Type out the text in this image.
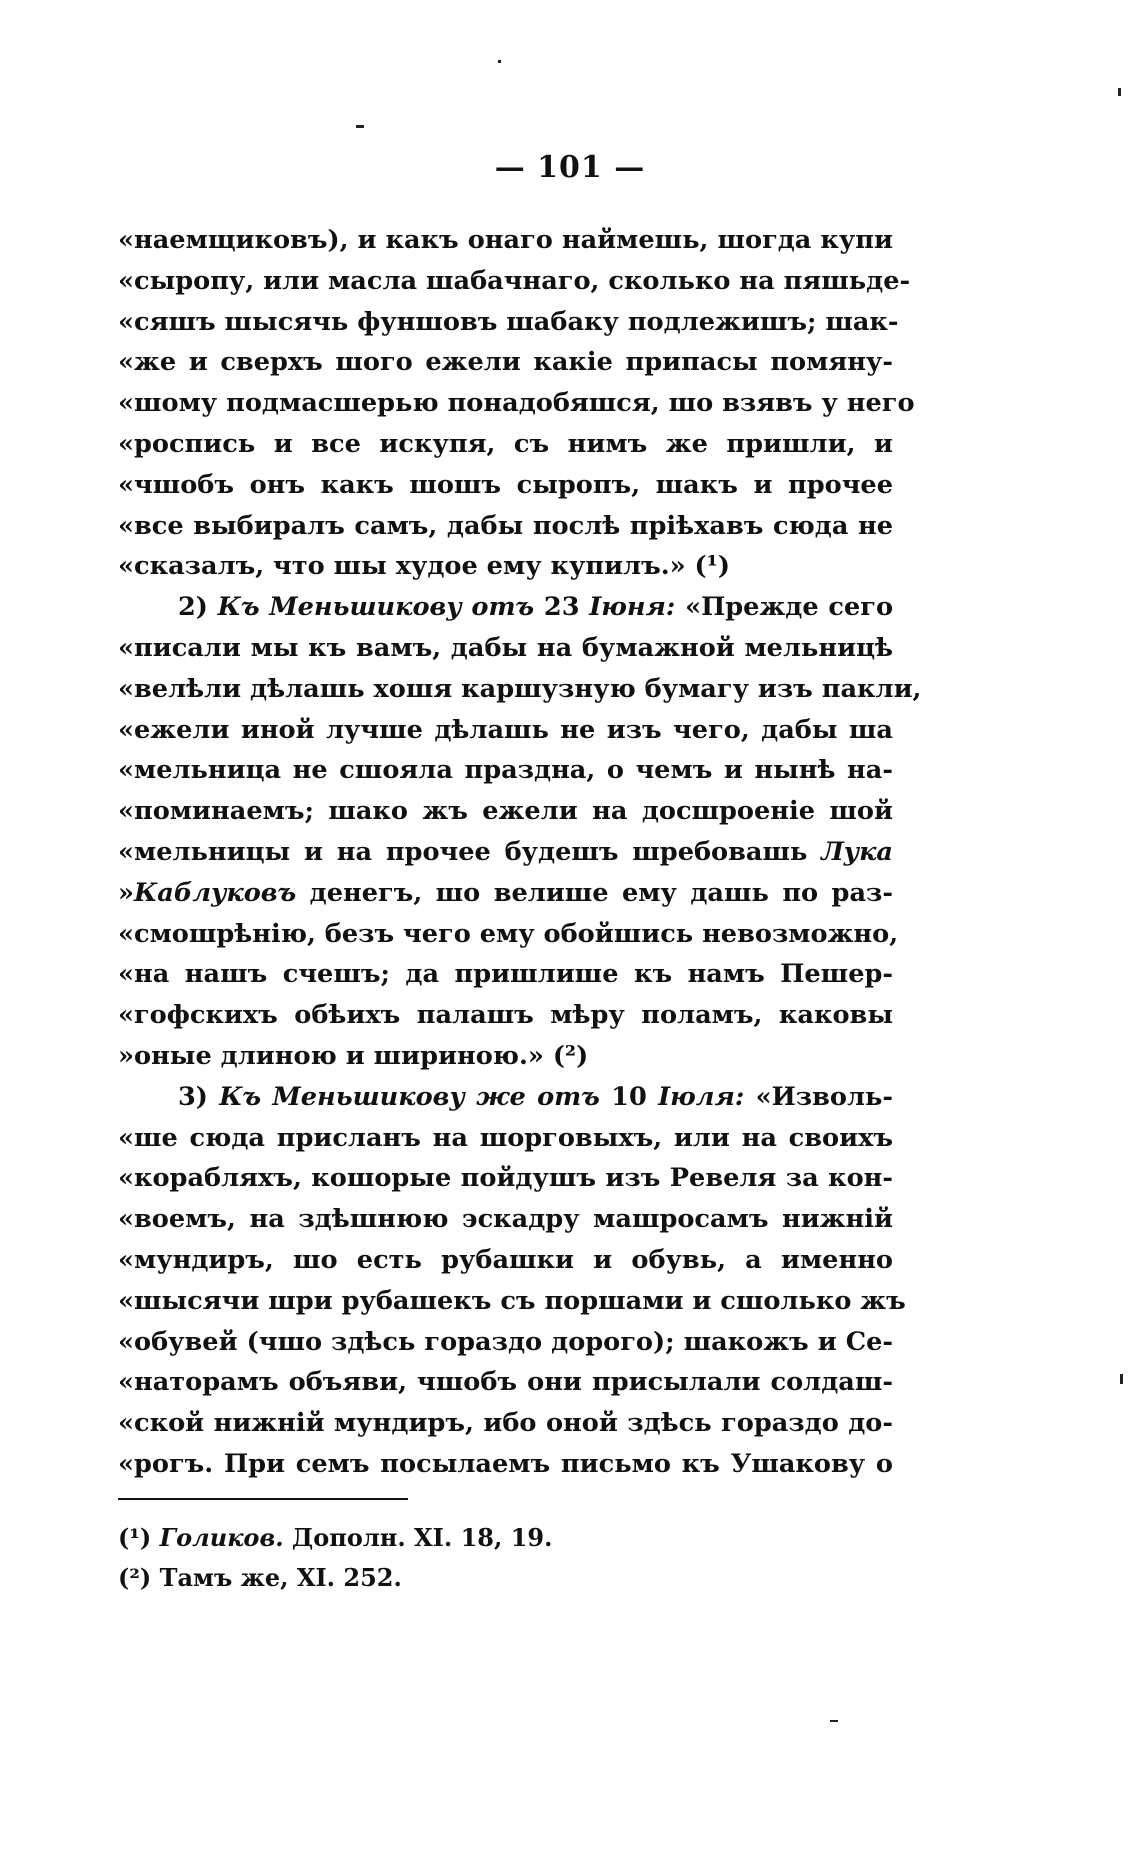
— 101 —
«наемщиковъ), и какъ онаго наймешь, шогда купи
«сыропу, или масла шабачнаго, сколько на пяшьде-
«сяшъ шысячь фуншовъ шабаку подлежишъ; шак-
«же и сверхъ шого ежели какіе припасы помяну-
«шому подмасшерью понадобяшся, шо взявъ у него
«роспись и все искупя, съ нимъ же пришли, и
«чшобъ онъ какъ шошъ сыропъ, шакъ и прочее
«все выбиралъ самъ, дабы послѣ пріѣхавъ сюда не
«сказалъ, что шы худое ему купилъ.» (¹)
2) Къ Меньшикову отъ 23 Іюня: «Прежде сего
«писали мы къ вамъ, дабы на бумажной мельницѣ
«велѣли дѣлашь хошя каршузную бумагу изъ пакли,
«ежели иной лучше дѣлашь не изъ чего, дабы ша
«мельница не сшояла праздна, о чемъ и нынѣ на-
«поминаемъ; шако жъ ежели на досшроеніе шой
«мельницы и на прочее будешъ шребовашь Лука
»Каблуковъ денегъ, шо велише ему дашь по раз-
«смошрѣнію, безъ чего ему обойшись невозможно,
«на нашъ счешъ; да пришлише къ намъ Пешер-
«гофскихъ обѣихъ палашъ мѣру поламъ, каковы
»оные длиною и шириною.» (²)
3) Къ Меньшикову же отъ 10 Іюля: «Изволь-
«ше сюда присланъ на шорговыхъ, или на своихъ
«корабляхъ, кошорые пойдушъ изъ Ревеля за кон-
«воемъ, на здѣшнюю эскадру машросамъ нижній
«мундиръ, шо есть рубашки и обувь, а именно
«шысячи шри рубашекъ съ поршами и сшолько жъ
«обувей (чшо здѣсь гораздо дорого); шакожъ и Се-
«наторамъ объяви, чшобъ они присылали солдаш-
«ской нижній мундиръ, ибо оной здѣсь гораздо до-
«рогъ. При семъ посылаемъ письмо къ Ушакову о
(¹) Голиков. Дополн. XI. 18, 19.
(²) Тамъ же, XI. 252.
